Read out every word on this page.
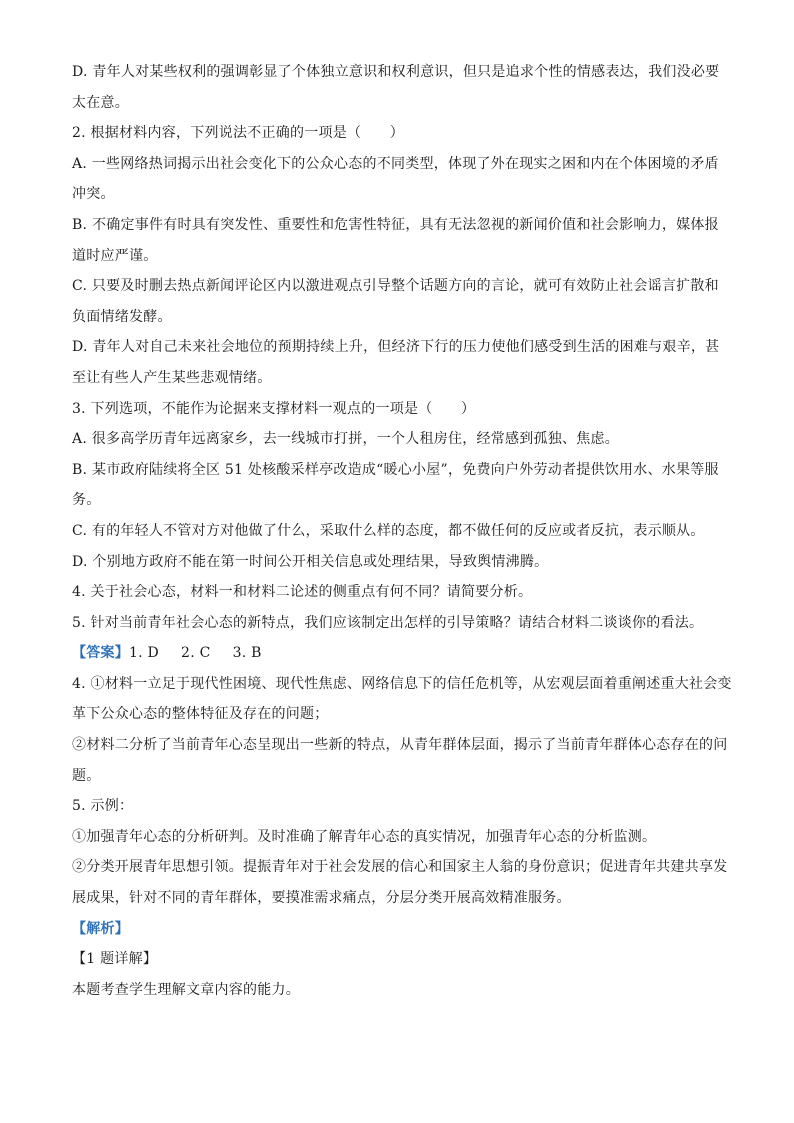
D. 青年人对某些权利的强调彰显了个体独立意识和权利意识，但只是追求个性的情感表达，我们没必要
太在意。
2. 根据材料内容，下列说法不正确的一项是（　　）
A. 一些网络热词揭示出社会变化下的公众心态的不同类型，体现了外在现实之困和内在个体困境的矛盾
冲突。
B. 不确定事件有时具有突发性、重要性和危害性特征，具有无法忽视的新闻价值和社会影响力，媒体报
道时应严谨。
C. 只要及时删去热点新闻评论区内以激进观点引导整个话题方向的言论，就可有效防止社会谣言扩散和
负面情绪发酵。
D. 青年人对自己未来社会地位的预期持续上升，但经济下行的压力使他们感受到生活的困难与艰辛，甚
至让有些人产生某些悲观情绪。
3. 下列选项，不能作为论据来支撑材料一观点的一项是（　　）
A. 很多高学历青年远离家乡，去一线城市打拼，一个人租房住，经常感到孤独、焦虑。
B. 某市政府陆续将全区 51 处核酸采样亭改造成“暖心小屋”，免费向户外劳动者提供饮用水、水果等服
务。
C. 有的年轻人不管对方对他做了什么，采取什么样的态度，都不做任何的反应或者反抗，表示顺从。
D. 个别地方政府不能在第一时间公开相关信息或处理结果，导致舆情沸腾。
4. 关于社会心态，材料一和材料二论述的侧重点有何不同？请简要分析。
5. 针对当前青年社会心态的新特点，我们应该制定出怎样的引导策略？请结合材料二谈谈你的看法。
【答案】1. D 2. C 3. B
4. ①材料一立足于现代性困境、现代性焦虑、网络信息下的信任危机等，从宏观层面着重阐述重大社会变
革下公众心态的整体特征及存在的问题；
②材料二分析了当前青年心态呈现出一些新的特点，从青年群体层面，揭示了当前青年群体心态存在的问
题。
5. 示例：
①加强青年心态的分析研判。及时准确了解青年心态的真实情况，加强青年心态的分析监测。
②分类开展青年思想引领。提振青年对于社会发展的信心和国家主人翁的身份意识；促进青年共建共享发
展成果，针对不同的青年群体，要摸准需求痛点，分层分类开展高效精准服务。
【解析】
【1 题详解】
本题考查学生理解文章内容的能力。
